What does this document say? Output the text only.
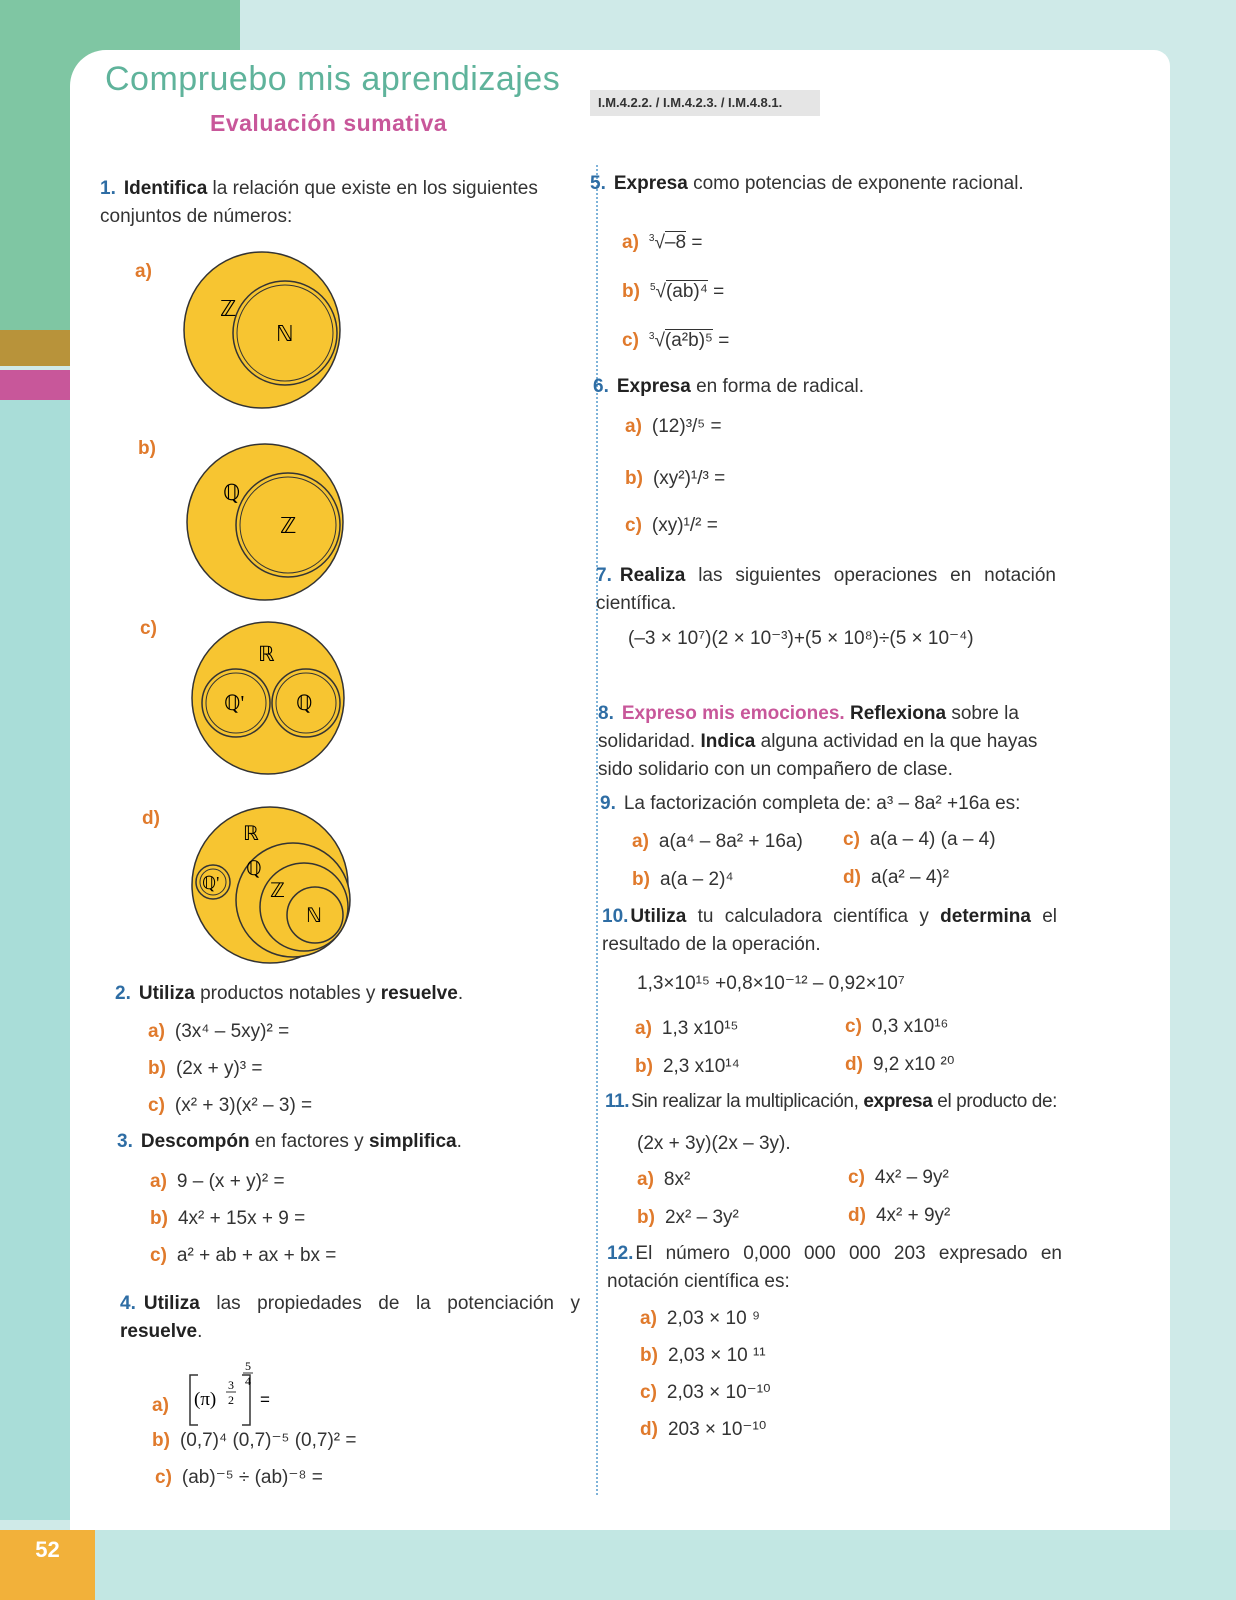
52
Compruebo mis aprendizajes
Evaluación sumativa
I.M.4.2.2. / I.M.4.2.3. / I.M.4.8.1.
1. Identifica la relación que existe en los siguientes conjuntos de números:
a)
ℤ
ℕ
b)
ℚ
ℤ
c)
ℝ
ℚ' ℚ
d)
ℝ
ℚ'
ℚ
ℤ
ℕ
2. Utiliza productos notables y resuelve.
a) (3x⁴ – 5xy)² =
b) (2x + y)³ =
c) (x² + 3)(x² – 3) =
3. Descompón en factores y simplifica.
a) 9 – (x + y)² =
b) 4x² + 15x + 9 =
c) a² + ab + ax + bx =
4. Utiliza las propiedades de la potenciación y resuelve.
a) (π)
3
2
5
4
=
b) (0,7)⁴ (0,7)⁻⁵ (0,7)² =
c) (ab)⁻⁵ ÷ (ab)⁻⁸ =
5. Expresa como potencias de exponente racional.
a) $^3$√–8 =
b) $^5$√(ab)⁴ =
c) $^3$√(a²b)⁵ =
6. Expresa en forma de radical.
a) (12)³/⁵ =
b) (xy²)¹/³ =
c) (xy)¹/² =
7. Realiza las siguientes operaciones en notación científica.
(–3 × 10⁷)(2 × 10⁻³)+(5 × 10⁸)÷(5 × 10⁻⁴)
8. Expreso mis emociones. Reflexiona sobre la solidaridad. Indica alguna actividad en la que hayas sido solidario con un compañero de clase.
9. La factorización completa de: a³ – 8a² +16a es:
a) a(a⁴ – 8a² + 16a) c) a(a – 4) (a – 4)
b) a(a – 2)⁴	d) a(a² – 4)²
10. Utiliza tu calculadora científica y determina el resultado de la operación.
1,3×10¹⁵ +0,8×10⁻¹² – 0,92×10⁷
a) 1,3 x10¹⁵	c) 0,3 x10¹⁶
b) 2,3 x10¹⁴	d) 9,2 x10 ²⁰
11. Sin realizar la multiplicación, expresa el producto de:
(2x + 3y)(2x – 3y).
a) 8x²	c) 4x² – 9y²
b) 2x² – 3y²	d) 4x² + 9y²
12. El número 0,000 000 000 203 expresado en notación científica es:
a) 2,03 × 10 ⁹
b) 2,03 × 10 ¹¹
c) 2,03 × 10⁻¹⁰
d) 203 × 10⁻¹⁰
